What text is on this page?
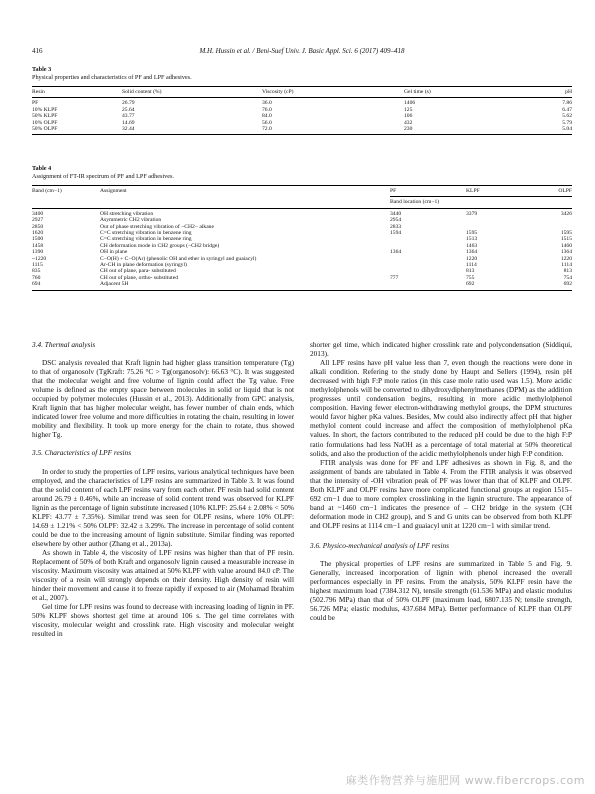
416	M.H. Hussin et al. / Beni-Suef Univ. J. Basic Appl. Sci. 6 (2017) 409–418
Table 3
Physical properties and characteristics of PF and LPF adhesives.
Resin	Solid content (%)	Viscosity (cP)	Gel time (s)	pH
PF	26.79	36.0	1406	7.86
10% KLPF	25.64	76.0	125	6.47
50% KLPF	43.77	84.0	106	5.62
10% OLPF	14.69	56.0	432	5.79
50% OLPF	32.44	72.0	230	5.04
Table 4
Assignment of FT-IR spectrum of PF and LPF adhesives.
Band (cm−1)	Assignment	PF	KLPF	OLPF
		Band location (cm−1)		
3400	OH stretching vibration	3440	3379	3426
2927	Asymmetric CH2 vibration	2954		
2850	Out of phase stretching vibration of −CH2− alkane	2833		
1620	C=C stretching vibration in benzene ring	1594	1595	1595
1500	C=C stretching vibration in benzene ring		1513	1515
1458	CH deformation mode in CH2 groups (−CH2 bridge)		1463	1460
1390	OH in plane	1364	1364	1364
~1220	C−O(H) + C−O(Ar) (phenolic OH and ether in syringyl and guaiacyl)		1220	1220
1115	Ar-CH in plane deformation (syringyl)		1114	1114
835	CH out of plane, para- substituted		813	813
760	CH out of plane, ortho- substituted	777	755	754
694	Adjacent 5H		692	692
3.4. Thermal analysis

DSC analysis revealed that Kraft lignin had higher glass transition temperature (Tg) to that of organosolv (TgKraft: 75.26 °C > Tg(organosolv): 66.63 °C). It was suggested that the molecular weight and free volume of lignin could affect the Tg value. Free volume is defined as the empty space between molecules in solid or liquid that is not occupied by polymer molecules (Hussin et al., 2013). Additionally from GPC analysis, Kraft lignin that has higher molecular weight, has fewer number of chain ends, which indicated lower free volume and more difficulties in rotating the chain, resulting in lower mobility and flexibility. It took up more energy for the chain to rotate, thus showed higher Tg.

3.5. Characteristics of LPF resins

In order to study the properties of LPF resins, various analytical techniques have been employed, and the characteristics of LPF resins are summarized in Table 3. It was found that the solid content of each LPF resins vary from each other. PF resin had solid content around 26.79 ± 0.46%, while an increase of solid content trend was observed for KLPF lignin as the percentage of lignin substitute increased (10% KLPF: 25.64 ± 2.08% < 50% KLPF: 43.77 ± 7.35%). Similar trend was seen for OLPF resins, where 10% OLPF: 14.69 ± 1.21% < 50% OLPF: 32.42 ± 3.29%. The increase in percentage of solid content could be due to the increasing amount of lignin substitute. Similar finding was reported elsewhere by other author (Zhang et al., 2013a).

As shown in Table 4, the viscosity of LPF resins was higher than that of PF resin. Replacement of 50% of both Kraft and organosolv lignin caused a measurable increase in viscosity. Maximum viscosity was attained at 50% KLPF with value around 84.0 cP. The viscosity of a resin will strongly depends on their density. High density of resin will hinder their movement and cause it to freeze rapidly if exposed to air (Mohamad Ibrahim et al., 2007).

Gel time for LPF resins was found to decrease with increasing loading of lignin in PF. 50% KLPF shows shortest gel time at around 106 s. The gel time correlates with viscosity, molecular weight and crosslink rate. High viscosity and molecular weight resulted in

shorter gel time, which indicated higher crosslink rate and polycondensation (Siddiqui, 2013).

All LPF resins have pH value less than 7, even though the reactions were done in alkali condition. Refering to the study done by Haupt and Sellers (1994), resin pH decreased with high F:P mole ratios (in this case mole ratio used was 1.5). More acidic methylolphenols will be converted to dihydroxydiphenylmethanes (DPM) as the addition progresses until condensation begins, resulting in more acidic methylolphenol composition. Having fewer electron-withdrawing methylol groups, the DPM structures would favor higher pKa values. Besides, Mw could also indirectly affect pH that higher methylol content could increase and affect the composition of methylolphenol pKa values. In short, the factors contributed to the reduced pH could be due to the high F:P ratio formulations had less NaOH as a percentage of total material at 50% theoretical solids, and also the production of the acidic methylolphenols under high F:P condition.

FTIR analysis was done for PF and LPF adhesives as shown in Fig. 8, and the assignment of bands are tabulated in Table 4. From the FTIR analysis it was observed that the intensity of -OH vibration peak of PF was lower than that of KLPF and OLPF. Both KLPF and OLPF resins have more complicated functional groups at region 1515–692 cm−1 due to more complex crosslinking in the lignin structure. The appearance of band at ~1460 cm−1 indicates the presence of – CH2 bridge in the system (CH deformation mode in CH2 group), and S and G units can be observed from both KLPF and OLPF resins at 1114 cm−1 and guaiacyl unit at 1220 cm−1 with similar trend.

3.6. Physico-mechanical analysis of LPF resins

The physical properties of LPF resins are summarized in Table 5 and Fig. 9. Generally, increased incorporation of lignin with phenol increased the overall performances especially in PF resins. From the analysis, 50% KLPF resin have the highest maximum load (7384.312 N), tensile strength (61.536 MPa) and elastic modulus (502.796 MPa) than that of 50% OLPF (maximum load, 6807.135 N; tensile strength, 56.726 MPa; elastic modulus, 437.684 MPa). Better performance of KLPF than OLPF could be

麻类作物营养与施肥网 www.fibercrops.com
